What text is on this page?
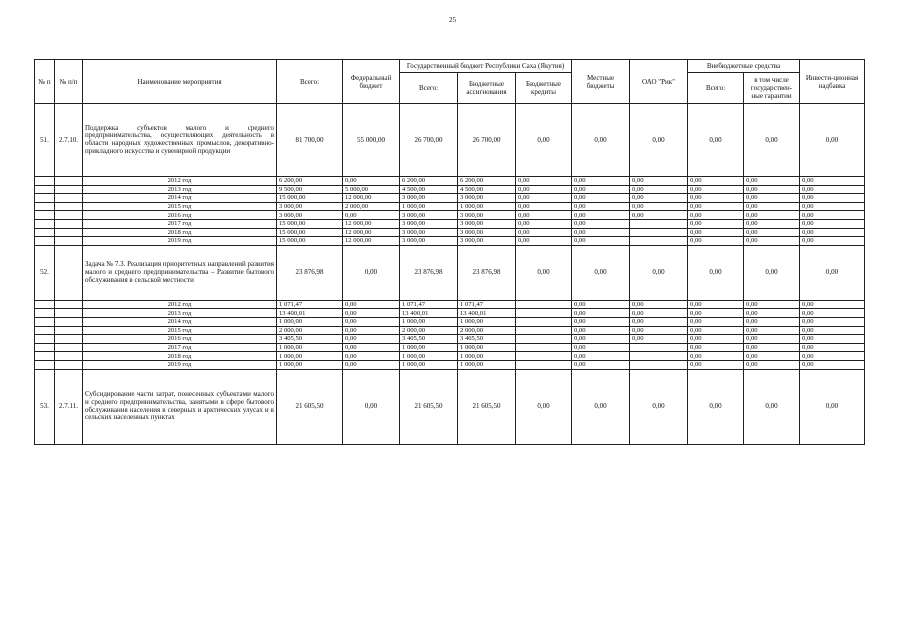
25
№ п	№ п/п	Наименование мероприятия	Всего:	Федеральный бюджет	Государственный бюджет Республики Саха (Якутия)			Местные бюджеты	ОАО "Рик"	Внебюджетные средства		Инвести-ционная надбавка
					Всего:	Бюджетные ассигнования	Бюджетные кредиты			Всего:	в том числе государствен-ные гарантии	
51.	2.7.10.	Поддержка субъектов малого и среднего предпринимательства, осуществляющих деятельность в области народных художественных промыслов, декоративно-прикладного искусства и сувенирной продукции	81 700,00	55 000,00	26 700,00	26 700,00	0,00	0,00	0,00	0,00	0,00	0,00
		2012 год	6 200,00	0,00	6 200,00	6 200,00	0,00	0,00	0,00	0,00	0,00	0,00
		2013 год	9 500,00	5 000,00	4 500,00	4 500,00	0,00	0,00	0,00	0,00	0,00	0,00
		2014 год	15 000,00	12 000,00	3 000,00	3 000,00	0,00	0,00	0,00	0,00	0,00	0,00
		2015 год	3 000,00	2 000,00	1 000,00	1 000,00	0,00	0,00	0,00	0,00	0,00	0,00
		2016 год	3 000,00	0,00	3 000,00	3 000,00	0,00	0,00	0,00	0,00	0,00	0,00
		2017 год	15 000,00	12 000,00	3 000,00	3 000,00	0,00	0,00		0,00	0,00	0,00
		2018 год	15 000,00	12 000,00	3 000,00	3 000,00	0,00	0,00		0,00	0,00	0,00
		2019 год	15 000,00	12 000,00	3 000,00	3 000,00	0,00	0,00		0,00	0,00	0,00
52.		Задача № 7.3. Реализация приоритетных направлений развития малого и среднего предпринимательства – Развитие бытового обслуживания в сельской местности	23 876,98	0,00	23 876,98	23 876,98	0,00	0,00	0,00	0,00	0,00	0,00
		2012 год	1 071,47	0,00	1 071,47	1 071,47		0,00	0,00	0,00	0,00	0,00
		2013 год	13 400,01	0,00	13 400,01	13 400,01		0,00	0,00	0,00	0,00	0,00
		2014 год	1 000,00	0,00	1 000,00	1 000,00		0,00	0,00	0,00	0,00	0,00
		2015 год	2 000,00	0,00	2 000,00	2 000,00		0,00	0,00	0,00	0,00	0,00
		2016 год	3 405,50	0,00	3 405,50	3 405,50		0,00	0,00	0,00	0,00	0,00
		2017 год	1 000,00	0,00	1 000,00	1 000,00		0,00		0,00	0,00	0,00
		2018 год	1 000,00	0,00	1 000,00	1 000,00		0,00		0,00	0,00	0,00
		2019 год	1 000,00	0,00	1 000,00	1 000,00		0,00		0,00	0,00	0,00
53.	2.7.11.	Субсидирование части затрат, понесенных субъектами малого и среднего предпринимательства, занятыми в сфере бытового обслуживания населения в северных и арктических улусах и в сельских населенных пунктах	21 605,50	0,00	21 605,50	21 605,50	0,00	0,00	0,00	0,00	0,00	0,00
